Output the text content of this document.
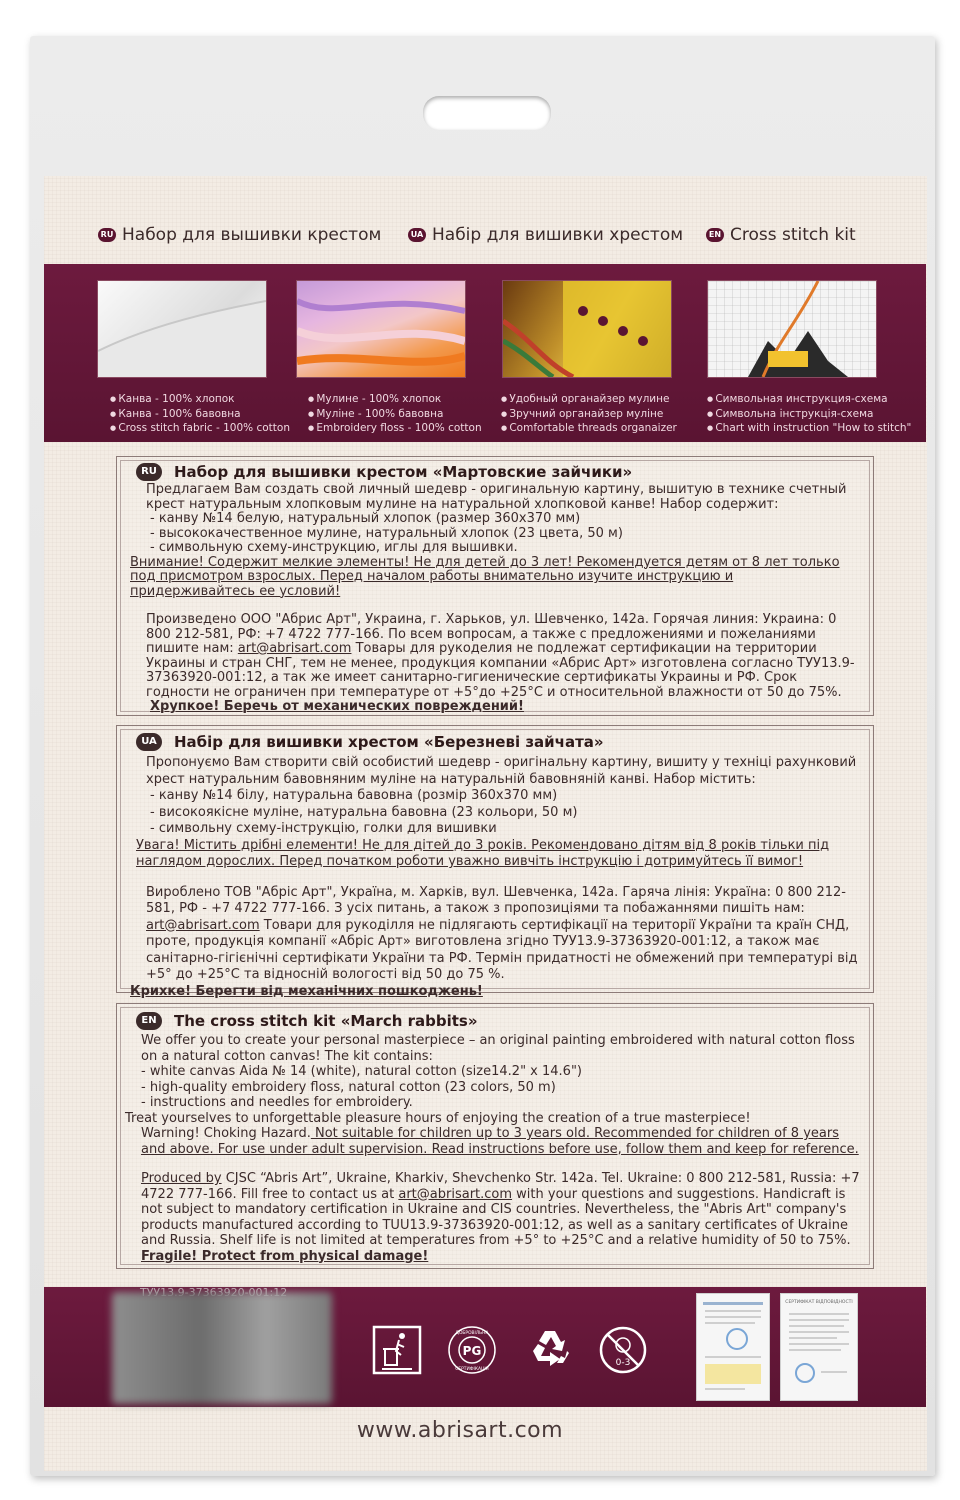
RU Набор для вышивки крестом	UA Набір для вишивки хрестом	EN Cross stitch kit
● Канва - 100% хлопок
● Канва - 100% бавовна
● Cross stitch fabric - 100% cotton
● Мулине - 100% хлопок
● Муліне - 100% бавовна
● Embroidery floss - 100% cotton
● Удобный органайзер мулине
● Зручний органайзер муліне
● Comfortable threads organaizer
● Символьная инструкция-схема
● Символьна інструкція-схема
● Chart with instruction "How to stitch"
RU	Набор для вышивки крестом «Мартовские зайчики»

Предлагаем Вам создать свой личный шедевр - оригинальную картину, вышитую в технике счетный крест натуральным хлопковым мулине на натуральной хлопковой канве! Набор содержит:

- канву №14 белую, натуральный хлопок (размер 360x370 мм)

- высококачественное мулине, натуральный хлопок (23 цвета, 50 м)

- символьную схему-инструкцию, иглы для вышивки.

Внимание! Содержит мелкие элементы! Не для детей до 3 лет! Рекомендуется детям от 8 лет только под присмотром взрослых. Перед началом работы внимательно изучите инструкцию и придерживайтесь ее условий!

Произведено ООО "Абрис Арт", Украина, г. Харьков, ул. Шевченко, 142а. Горячая линия: Украина: 0 800 212-581, РФ: +7 4722 777-166. По всем вопросам, а также с предложениями и пожеланиями пишите нам: art@abrisart.com Товары для рукоделия не подлежат сертификации на территории Украины и стран СНГ, тем не менее, продукция компании «Абрис Арт» изготовлена согласно ТУУ13.9-37363920-001:12, а так же имеет санитарно-гигиенические сертификаты Украины и РФ. Срок годности не ограничен при температуре от +5°до +25°С и относительной влажности от 50 до 75%.

Хрупкое! Беречь от механических повреждений!

UA	Набір для вишивки хрестом «Березневі зайчата»

Пропонуємо Вам створити свій особистий шедевр - оригінальну картину, вишиту у техніці рахунковий хрест натуральним бавовняним муліне на натуральній бавовняній канві. Набор містить:

- канву №14 білу, натуральна бавовна (розмір 360x370 мм)

- високоякісне муліне, натуральна бавовна (23 кольори, 50 м)

- символьну схему-інструкцію, голки для вишивки

Увага! Містить дрібні елементи! Не для дітей до 3 років. Рекомендовано дітям від 8 років тільки під наглядом дорослих. Перед початком роботи уважно вивчіть інструкцію і дотримуйтесь її вимог!

Вироблено ТОВ "Абріс Арт", Україна, м. Харків, вул. Шевченка, 142а. Гаряча лінія: Україна: 0 800 212-581, РФ - +7 4722 777-166. З усіх питань, а також з пропозиціями та побажаннями пишіть нам: art@abrisart.com Товари для рукоділля не підлягають сертифікації на території України та країн СНД, проте, продукція компанії «Абріс Арт» виготовлена згідно ТУУ13.9-37363920-001:12, а також має санітарно-гігієнічні сертифікати України та РФ. Термін придатності не обмежений при температурі від +5° до +25°С та відносній вологості від 50 до 75 %.

Крихке! Берегти від механічних пошкоджень!

EN	The cross stitch kit «March rabbits»

We offer you to create your personal masterpiece – an original painting embroidered with natural cotton floss on a natural cotton canvas! The kit contains:

- white canvas Aida № 14 (white), natural cotton (size14.2" x 14.6")

- high-quality embroidery floss, natural cotton (23 colors, 50 m)

- instructions and needles for embroidery.

Treat yourselves to unforgettable pleasure hours of enjoying the creation of a true masterpiece!

Warning! Choking Hazard. Not suitable for children up to 3 years old. Recommended for children of 8 years and above. For use under adult supervision. Read instructions before use, follow them and keep for reference.

Produced by CJSC “Abris Art”, Ukraine, Kharkiv, Shevchenko Str. 142a. Tel. Ukraine: 0 800 212-581, Russia: +7 4722 777-166. Fill free to contact us at art@abrisart.com with your questions and suggestions. Handicraft is not subject to mandatory certification in Ukraine and CIS countries. Nevertheless, the "Abris Art" company's products manufactured according to TUU13.9-37363920-001:12, as well as a sanitary certificates of Ukraine and Russia. Shelf life is not limited at temperatures from +5° to +25°C and a relative humidity of 50 to 75%.

Fragile! Protect from physical damage!

PG
ДОБРОВІЛЬНА
СЕРТИФІКАЦІЯ
0-3
СЕРТИФІКАТ ВІДПОВІДНОСТІ
www.abrisart.com
